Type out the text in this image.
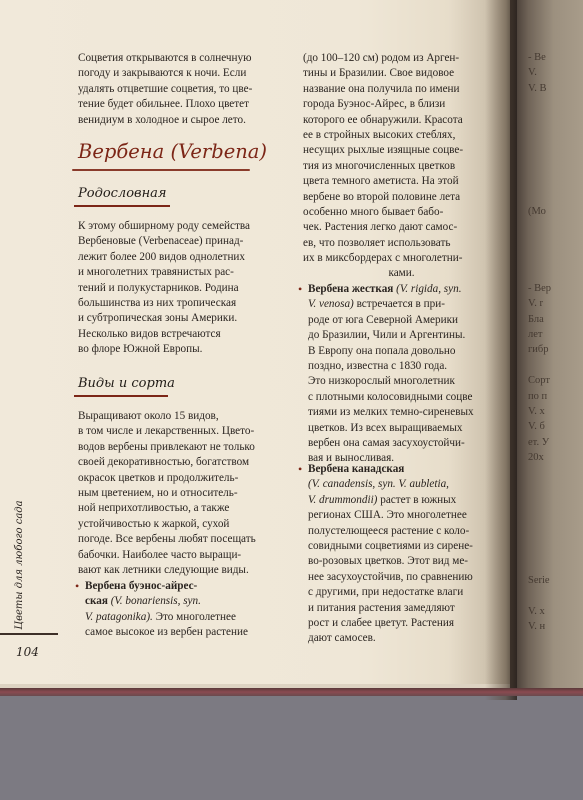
Соцветия открываются в солнечную
погоду и закрываются к ночи. Если
удалять отцветшие соцветия, то цве-
тение будет обильнее. Плохо цветет
венидиум в холодное и сырое лето.
Вербена (Verbena)
Родословная
К этому обширному роду семейства
Вербеновые (Verbenaceae) принад-
лежит более 200 видов однолетних
и многолетних травянистых рас-
тений и полукустарников. Родина
большинства из них тропическая
и субтропическая зоны Америки.
Несколько видов встречаются
во флоре Южной Европы.
Виды и сорта
Выращивают около 15 видов,
в том числе и лекарственных. Цвето-
водов вербены привлекают не только
своей декоративностью, богатством
окрасок цветков и продолжитель-
ным цветением, но и относитель-
ной неприхотливостью, а также
устойчивостью к жаркой, сухой
погоде. Все вербены любят посещать
бабочки. Наиболее часто выращи-
вают как летники следующие виды.
• Вербена буэнос-айрес-
ская (V. bonariensis, syn.
V. patagonika). Это многолетнее
самое высокое из вербен растение
(до 100–120 см) родом из Арген-
тины и Бразилии. Свое видовое
название она получила по имени
города Буэнос-Айрес, в близи
которого ее обнаружили. Красота
ее в стройных высоких стеблях,
несущих рыхлые изящные соцве-
тия из многочисленных цветков
цвета темного аметиста. На этой
вербене во второй половине лета
особенно много бывает бабо-
чек. Растения легко дают самос-
ев, что позволяет использовать
их в миксбордерах с многолетни-
ками.
• Вербена жесткая (V. rigida, syn.
V. venosa) встречается в при-
роде от юга Северной Америки
до Бразилии, Чили и Аргентины.
В Европу она попала довольно
поздно, известна с 1830 года.
Это низкорослый многолетник
с плотными колосовидными соцве
тиями из мелких темно-сиреневых
цветков. Из всех выращиваемых
вербен она самая засухоустойчи-
вая и выносливая.
• Вербена канадская
(V. canadensis, syn. V. aubletia,
V. drummondii) растет в южных
регионах США. Это многолетнее
полустелющееся растение с коло-
совидными соцветиями из сирене-
во-розовых цветков. Этот вид ме-
нее засухоустойчив, по сравнению
с другими, при недостатке влаги
и питания растения замедляют
рост и слабее цветут. Растения
дают самосев.
Цветы для любого сада
104
- Ве
V.
V. В
(Мо
- Вер
V. r
Бла
лет
гибр
Сорт
по п
V. x
V. б
ет. У
20х
Serie
V. x
V. н
